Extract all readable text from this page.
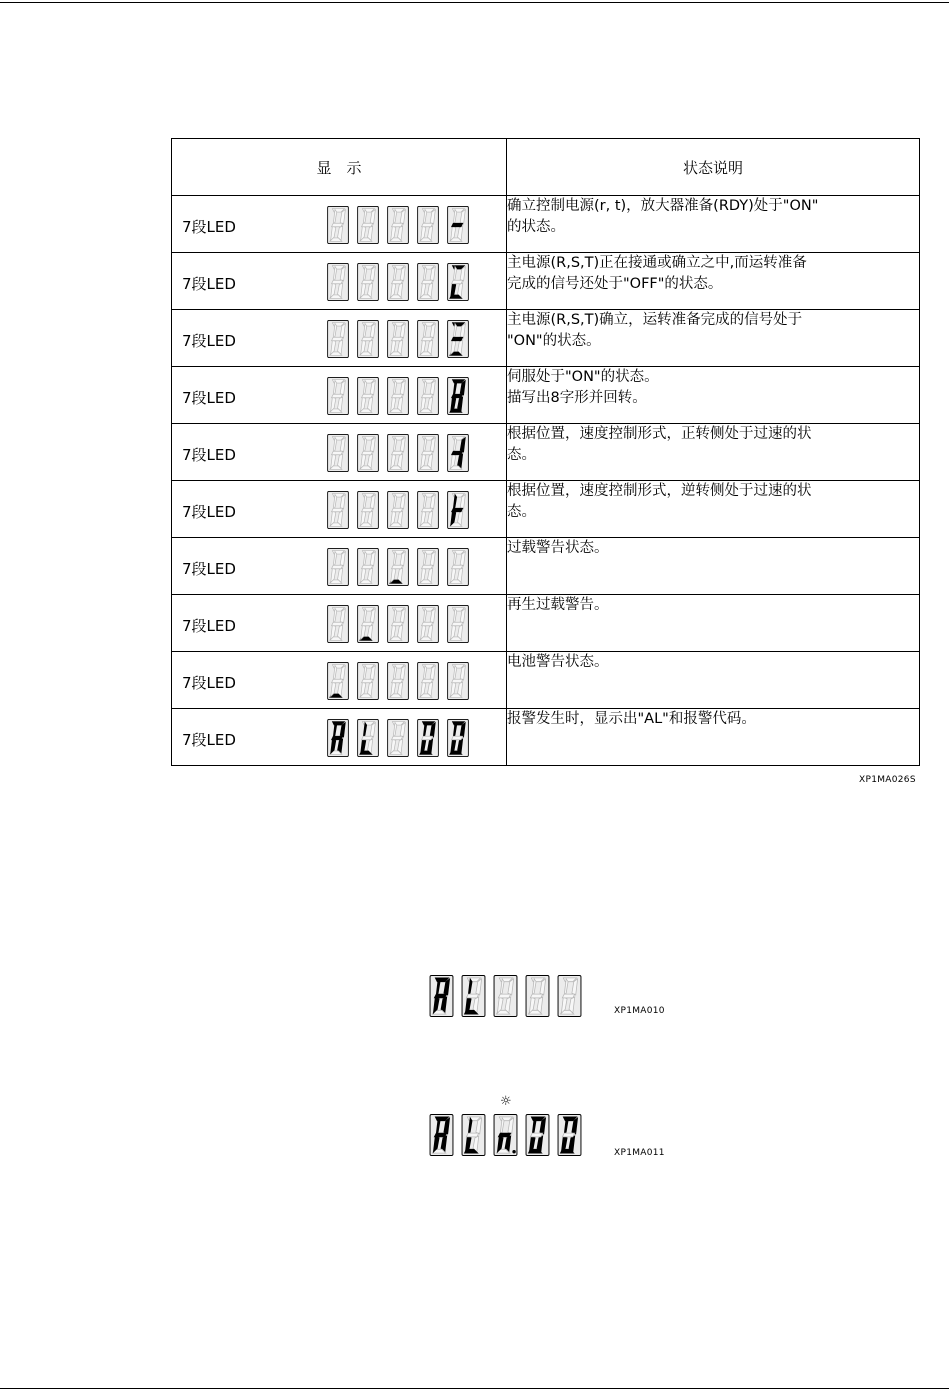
显　示	状态说明

7段LED	确立控制电源(r, t)，放大器准备(RDY)处于"ON"
的状态。

7段LED	主电源(R,S,T)正在接通或确立之中,而运转准备
完成的信号还处于"OFF"的状态。

7段LED	主电源(R,S,T)确立，运转准备完成的信号处于
"ON"的状态。

7段LED	伺服处于"ON"的状态。
描写出8字形并回转。

7段LED	根据位置，速度控制形式，正转侧处于过速的状
态。

7段LED	根据位置，速度控制形式，逆转侧处于过速的状
态。

7段LED	过载警告状态。

7段LED	再生过载警告。

7段LED	电池警告状态。

7段LED	报警发生时，显示出"AL"和报警代码。
XP1MA026S
XP1MA010
☼
XP1MA011
